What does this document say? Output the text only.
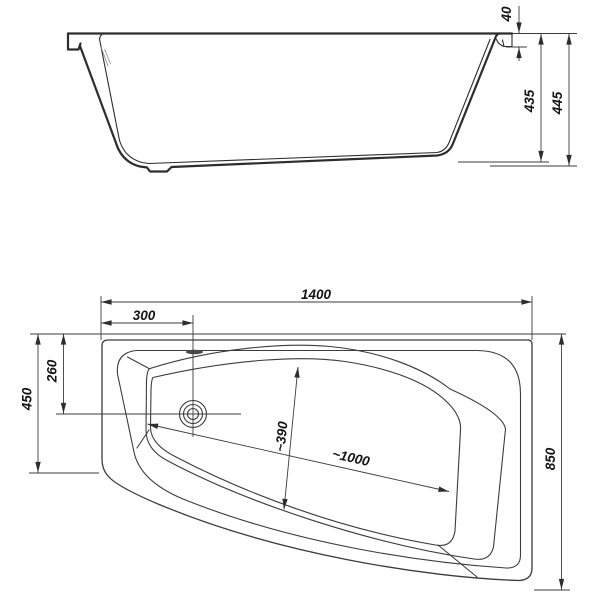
40
435 445
1400
300
450
260
850
~390
~1000
